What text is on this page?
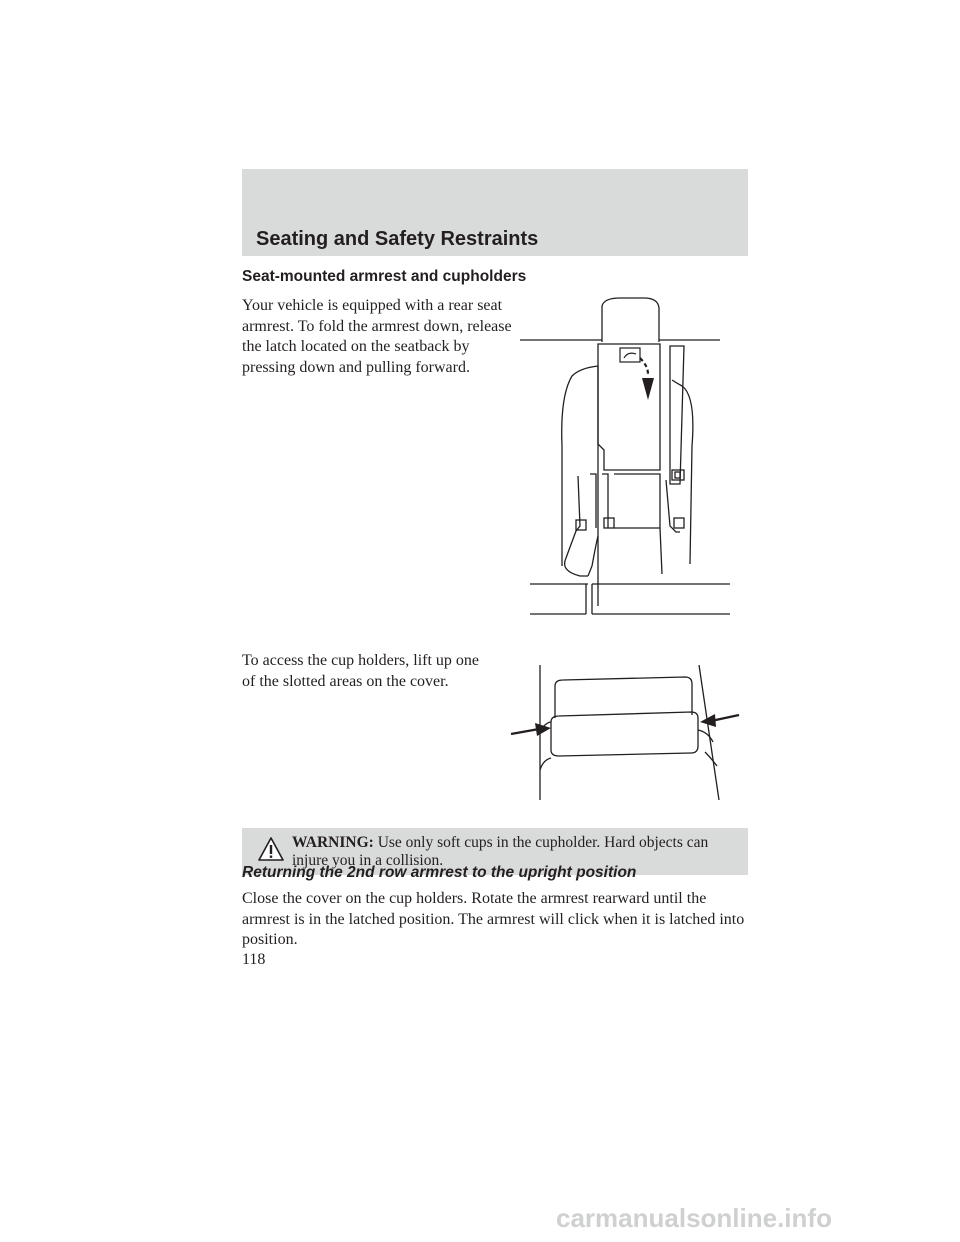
Seating and Safety Restraints
Seat-mounted armrest and cupholders

Your vehicle is equipped with a rear seat armrest. To fold the armrest down, release the latch located on the seatback by pressing down and pulling forward.

To access the cup holders, lift up one of the slotted areas on the cover.

WARNING: Use only soft cups in the cupholder. Hard objects can injure you in a collision.

Returning the 2nd row armrest to the upright position

Close the cover on the cup holders. Rotate the armrest rearward until the armrest is in the latched position. The armrest will click when it is latched into position.

118

carmanualsonline.info
